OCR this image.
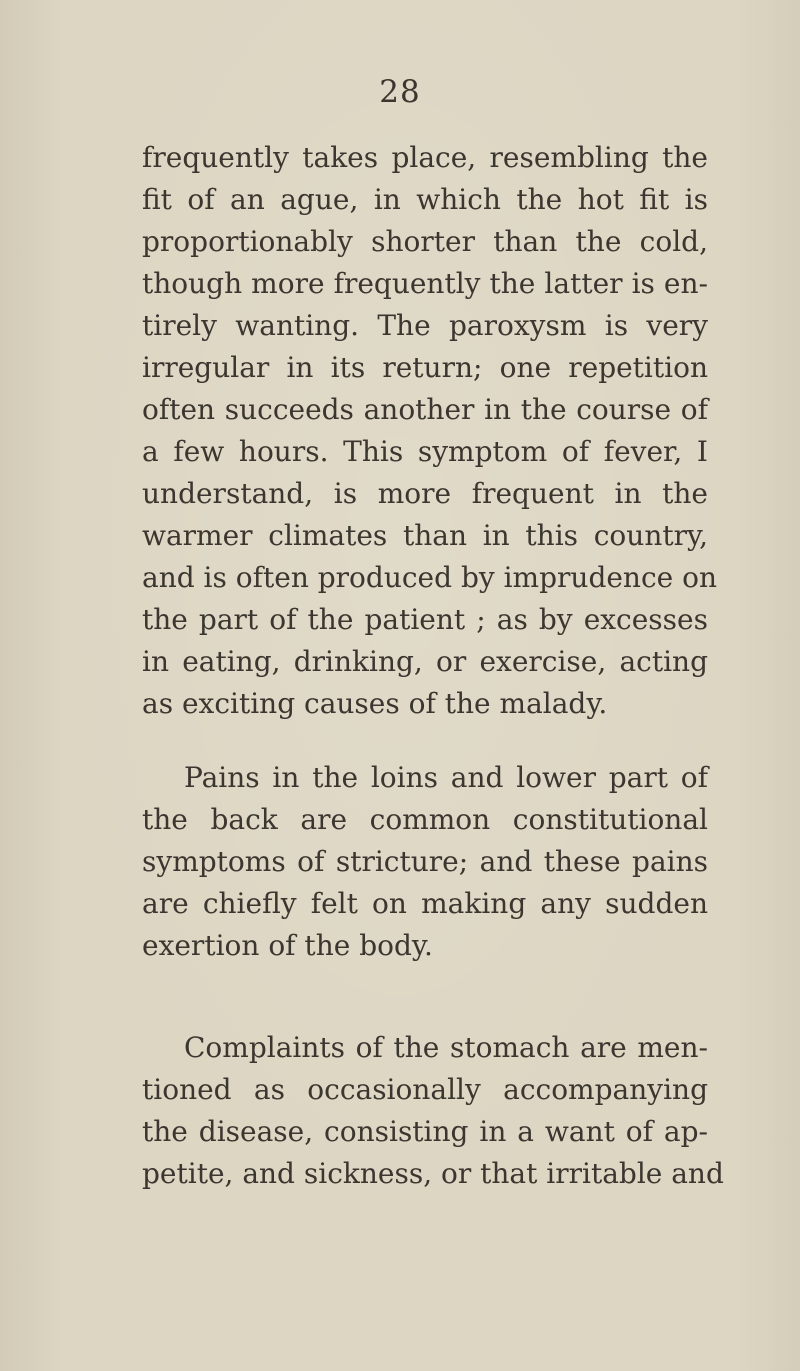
28
frequently takes place, resembling the
fit of an ague, in which the hot fit is
proportionably shorter than the cold,
though more frequently the latter is en-
tirely wanting. The paroxysm is very
irregular in its return; one repetition
often succeeds another in the course of
a few hours. This symptom of fever, I
understand, is more frequent in the
warmer climates than in this country,
and is often produced by imprudence on
the part of the patient ; as by excesses
in eating, drinking, or exercise, acting
as exciting causes of the malady.
Pains in the loins and lower part of
the back are common constitutional
symptoms of stricture; and these pains
are chiefly felt on making any sudden
exertion of the body.
Complaints of the stomach are men-
tioned as occasionally accompanying
the disease, consisting in a want of ap-
petite, and sickness, or that irritable and
